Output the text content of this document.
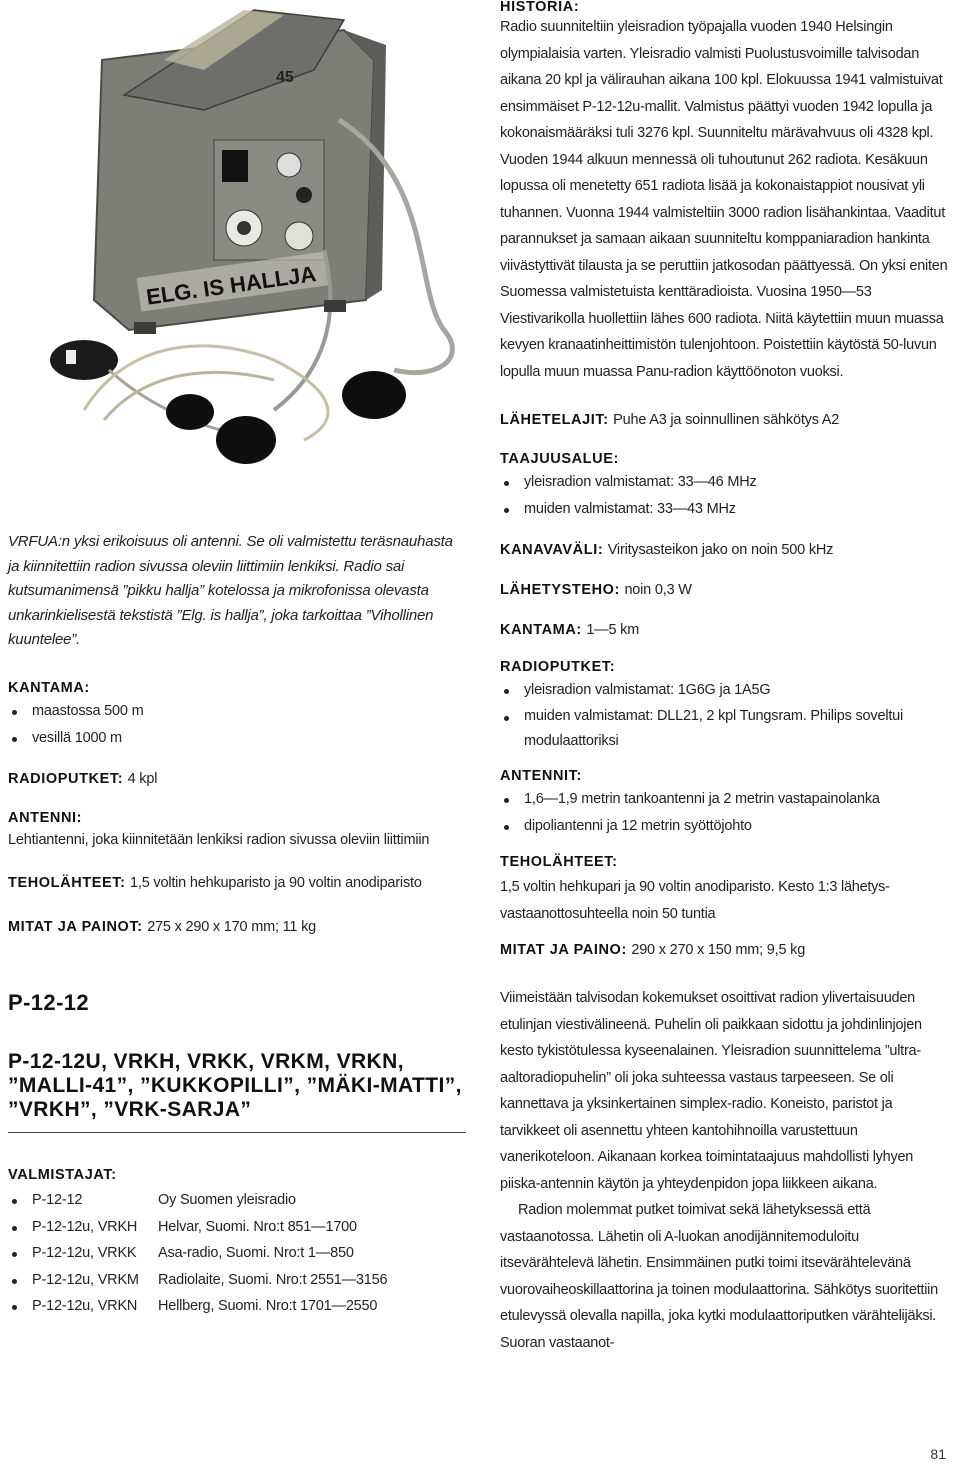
ELG. IS HALLJA
45
VRFUA:n yksi erikoisuus oli antenni. Se oli valmistettu teräsnauhasta ja kiinnitettiin radion sivussa oleviin liittimiin lenkiksi. Radio sai kutsumanimensä ”pikku hallja” kotelossa ja mikrofonissa olevasta unkarinkielisestä tekstistä ”Elg. is hallja”, joka tarkoittaa ”Vihollinen kuuntelee”.
KANTAMA:
maastossa 500 m
vesillä 1000 m
RADIOPUTKET: 4 kpl
ANTENNI:
Lehtiantenni, joka kiinnitetään lenkiksi radion sivussa oleviin liittimiin
TEHOLÄHTEET: 1,5 voltin hehkuparisto ja 90 voltin anodiparisto
MITAT JA PAINOT: 275 x 290 x 170 mm; 11 kg
P-12-12
P-12-12U, VRKH, VRKK, VRKM, VRKN, ”MALLI-41”, ”KUKKOPILLI”, ”MÄKI-MATTI”, ”VRKH”, ”VRK-SARJA”
VALMISTAJAT:
P-12-12	Oy Suomen yleisradio
P-12-12u, VRKH	Helvar, Suomi. Nro:t 851—1700
P-12-12u, VRKK	Asa-radio, Suomi. Nro:t 1—850
P-12-12u, VRKM	Radiolaite, Suomi. Nro:t 2551—3156
P-12-12u, VRKN	Hellberg, Suomi. Nro:t 1701—2550
HISTORIA:

Radio suunniteltiin yleisradion työpajalla vuoden 1940 Helsingin olympialaisia varten. Yleisradio valmisti Puolustusvoimille talvisodan aikana 20 kpl ja välirauhan aikana 100 kpl. Elokuussa 1941 valmistuivat ensimmäiset P-12-12u-mallit. Valmistus päättyi vuoden 1942 lopulla ja kokonaismääräksi tuli 3276 kpl. Suunniteltu märävahvuus oli 4328 kpl. Vuoden 1944 alkuun mennessä oli tuhoutunut 262 radiota. Kesäkuun lopussa oli menetetty 651 radiota lisää ja kokonaistappiot nousivat yli tuhannen. Vuonna 1944 valmisteltiin 3000 radion lisähankintaa. Vaaditut parannukset ja samaan aikaan suunniteltu komppaniaradion hankinta viivästyttivät tilausta ja se peruttiin jatkosodan päättyessä. On yksi eniten Suomessa valmistetuista kenttäradioista. Vuosina 1950—53 Viestivarikolla huollettiin lähes 600 radiota. Niitä käytettiin muun muassa kevyen kranaatinheittimistön tulenjohtoon. Poistettiin käytöstä 50-luvun lopulla muun muassa Panu-radion käyttöönoton vuoksi.

LÄHETELAJIT: Puhe A3 ja soinnullinen sähkötys A2
TAAJUUSALUE:
yleisradion valmistamat: 33—46 MHz
muiden valmistamat: 33—43 MHz
KANAVAVÄLI: Viritysasteikon jako on noin 500 kHz
LÄHETYSTEHO: noin 0,3 W
KANTAMA: 1—5 km
RADIOPUTKET:
yleisradion valmistamat: 1G6G ja 1A5G
muiden valmistamat: DLL21, 2 kpl Tungsram. Philips soveltui modulaattoriksi
ANTENNIT:
1,6—1,9 metrin tankoantenni ja 2 metrin vastapainolanka
dipoliantenni ja 12 metrin syöttöjohto
TEHOLÄHTEET:

1,5 voltin hehkupari ja 90 voltin anodiparisto. Kesto 1:3 lähetys-vastaanottosuhteella noin 50 tuntia

MITAT JA PAINO: 290 x 270 x 150 mm; 9,5 kg

Viimeistään talvisodan kokemukset osoittivat radion ylivertaisuuden etulinjan viestivälineenä. Puhelin oli paikkaan sidottu ja johdinlinjojen kesto tykistötulessa kyseenalainen. Yleisradion suunnittelema ”ultra-aaltoradiopuhelin” oli joka suhteessa vastaus tarpeeseen. Se oli kannettava ja yksinkertainen simplex-radio. Koneisto, paristot ja tarvikkeet oli asennettu yhteen kantohihnoilla varustettuun vanerikoteloon. Aikanaan korkea toimintataajuus mahdollisti lyhyen piiska-antennin käytön ja yhteydenpidon jopa liikkeen aikana.

Radion molemmat putket toimivat sekä lähetyksessä että vastaanotossa. Lähetin oli A-luokan anodijännitemoduloitu itsevärähtelevä lähetin. Ensimmäinen putki toimi itsevärähtelevänä vuorovaiheoskillaattorina ja toinen modulaattorina. Sähkötys suoritettiin etulevyssä olevalla napilla, joka kytki modulaattoriputken värähtelijäksi. Suoran vastaanot-

81
